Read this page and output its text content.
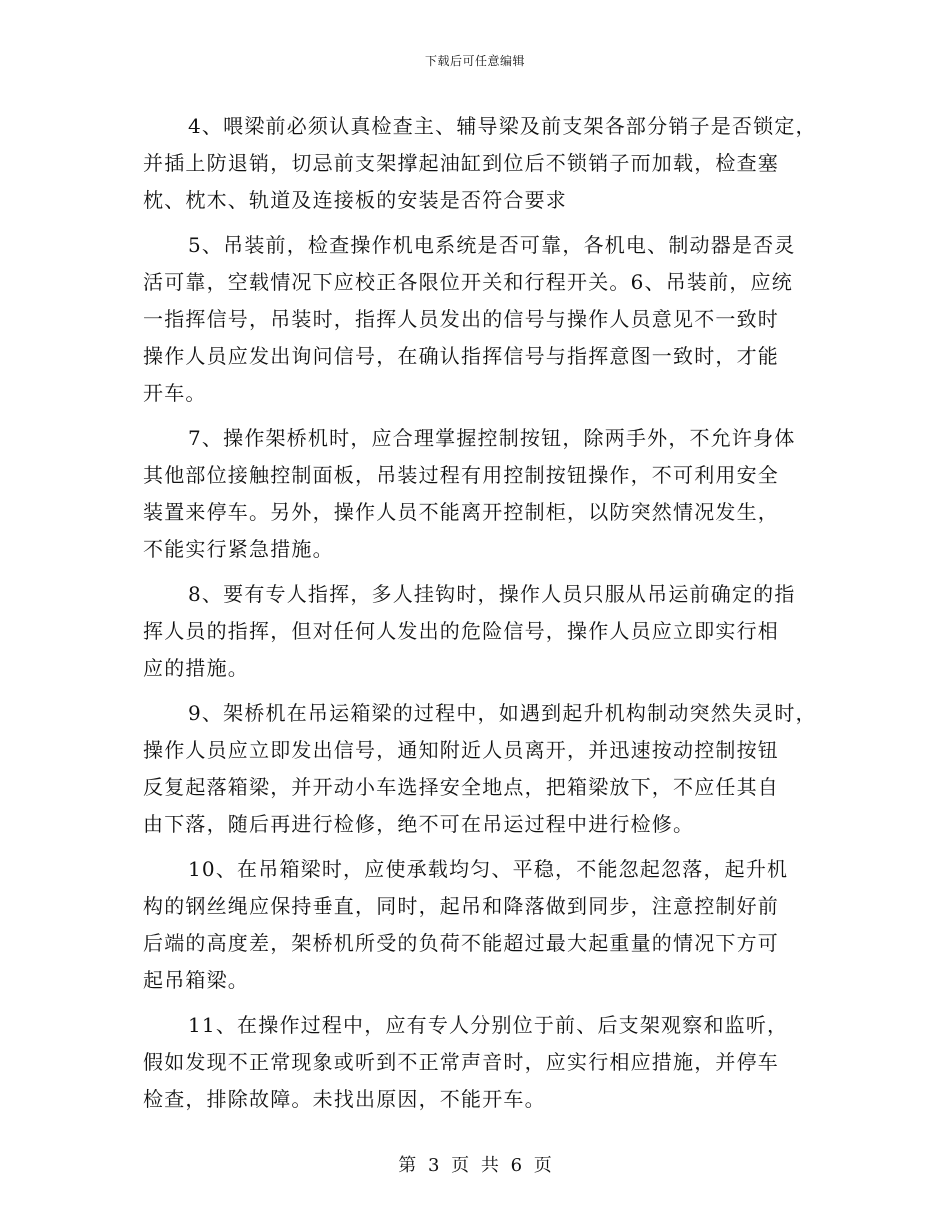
下载后可任意编辑

4、喂梁前必须认真检查主、辅导梁及前支架各部分销子是否锁定，
并插上防退销，切忌前支架撑起油缸到位后不锁销子而加载，检查塞
枕、枕木、轨道及连接板的安装是否符合要求

5、吊装前，检查操作机电系统是否可靠，各机电、制动器是否灵
活可靠，空载情况下应校正各限位开关和行程开关。6、吊装前，应统
一指挥信号，吊装时，指挥人员发出的信号与操作人员意见不一致时
操作人员应发出询问信号，在确认指挥信号与指挥意图一致时，才能
开车。

7、操作架桥机时，应合理掌握控制按钮，除两手外，不允许身体
其他部位接触控制面板，吊装过程有用控制按钮操作，不可利用安全
装置来停车。另外，操作人员不能离开控制柜，以防突然情况发生，
不能实行紧急措施。

8、要有专人指挥，多人挂钩时，操作人员只服从吊运前确定的指
挥人员的指挥，但对任何人发出的危险信号，操作人员应立即实行相
应的措施。

9、架桥机在吊运箱梁的过程中，如遇到起升机构制动突然失灵时，
操作人员应立即发出信号，通知附近人员离开，并迅速按动控制按钮
反复起落箱梁，并开动小车选择安全地点，把箱梁放下，不应任其自
由下落，随后再进行检修，绝不可在吊运过程中进行检修。

10、在吊箱梁时，应使承载均匀、平稳，不能忽起忽落，起升机
构的钢丝绳应保持垂直，同时，起吊和降落做到同步，注意控制好前
后端的高度差，架桥机所受的负荷不能超过最大起重量的情况下方可
起吊箱梁。

11、在操作过程中，应有专人分别位于前、后支架观察和监听，
假如发现不正常现象或听到不正常声音时，应实行相应措施，并停车
检查，排除故障。未找出原因，不能开车。

第 3 页 共 6 页
